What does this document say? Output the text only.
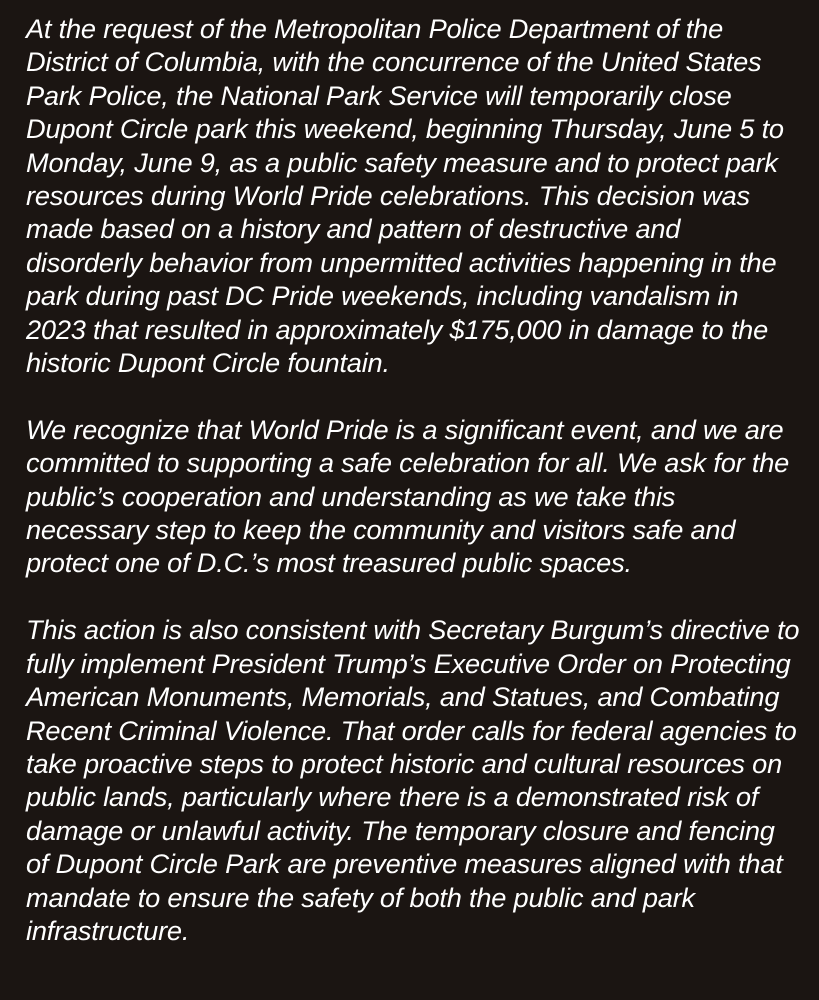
At the request of the Metropolitan Police Department of the District of Columbia, with the concurrence of the United States Park Police, the National Park Service will temporarily close Dupont Circle park this weekend, beginning Thursday, June 5 to Monday, June 9, as a public safety measure and to protect park resources during World Pride celebrations. This decision was made based on a history and pattern of destructive and disorderly behavior from unpermitted activities happening in the park during past DC Pride weekends, including vandalism in 2023 that resulted in approximately $175,000 in damage to the historic Dupont Circle fountain.

We recognize that World Pride is a significant event, and we are committed to supporting a safe celebration for all. We ask for the public’s cooperation and understanding as we take this necessary step to keep the community and visitors safe and protect one of D.C.’s most treasured public spaces.

This action is also consistent with Secretary Burgum’s directive to fully implement President Trump’s Executive Order on Protecting American Monuments, Memorials, and Statues, and Combating Recent Criminal Violence. That order calls for federal agencies to take proactive steps to protect historic and cultural resources on public lands, particularly where there is a demonstrated risk of damage or unlawful activity. The temporary closure and fencing of Dupont Circle Park are preventive measures aligned with that mandate to ensure the safety of both the public and park infrastructure.
